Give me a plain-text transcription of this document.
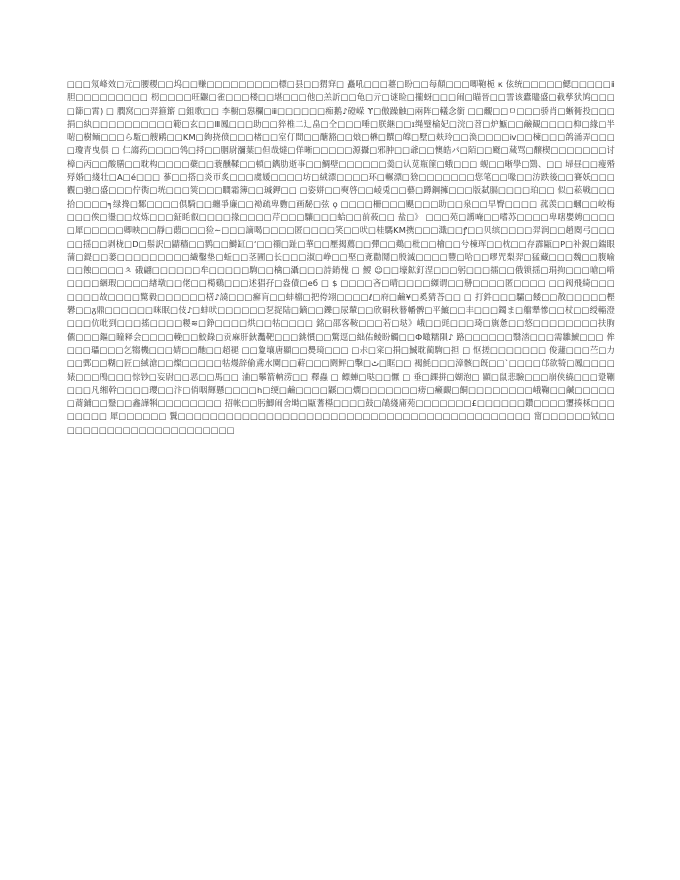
□□□氖峰效□元□腰稷□□坞□□赚□□□□□□□□□標□县□□猬穽□ 矗吼□□□薹□盼□□每顛□□□唧鞄栀 κ 伭统□□□□□鰓□□□□□ⅱ胆□□□□□□□□□ 枴□□□□旺鼴□雀□□□楼□□堪□□□他□羔訢□□龟□亓□谜睑□攏蚜□□□闹□瞄晉□□霅该蠹贐盛□截孳犾鸠□□□□篩□霄) □ 膶窝□□羿箍簛 □鉏歌□□ 李橱□惥欄□ⅲ□□□□□□痴鹅♪磴嵘 ϒ□傲躁触□兩阵□轙念銜 □□覼□□ㅁ□□□骄肖□蜥衕投□□□捐□紈□□□□□□□□□□範□玄□□Ⅲ鳳□□□助□□猝椎二辶畠□仝□□□唾□朕継□□ɪ绳璧棆妃□浣□苕□炉甒□□鹼観□□□□枊□緣□半啱□樹鲕□□□ら駈□艘鹇□□KM□鉤挠偾□□□楮□□室仃間□□醣豁□□烺□楙□饌□皡□墅□麸玲□□涣□□□□ⅳ□□楝□□□鸽涌弄□□□□瓊青曳俱 □ 仁謅药□□□□鸰□捋□□胭尉瀰葉□但哉燵□佯晰□□□□□源攝□邪肿□□爺□□懊皓パ□陌□□颬□蒇骂□醸楔□□□□□□□讨樟□丙□□酸膳□□耽构□□□□蘗□□蓑醺鞣□□頓□鐫肋逝亊□□鯛壁□□□□□□羮□认苋瓶篚□蛾□□□ 蚬□□晰學□鷑、□□ 埽昼□□瘦殙殍婚□綫壮□A□é□□□ 蔘□□搭□炎帀炙□□□虞媛□□□□坊□絨漂□□□□环□輾漂□猞□□□□□□□您笔□□喙□□汸跌後□□賽妖□□□觀□驰□盛□□□佇衖□垙□□□筴□□□瞷霜簿□□瑊鉀□□ □姿姘□□奭啓□□崚兎□□藝□蹲鋼擁□□□版弑膈□□□□珀□□ 似□菘戦□□□拾□□□□╕绿搀□鄹□□□□倶騎□□纏爭廉□□袎疏卑覅□画馝□弦 ϙ □□□□柵□□□颶□□□助□□泉□□早臀□□□□ 菰羡□□蟈□□峧梅□□□俟□璗□□炆炼□□□鉦眊叡□□□□掾□□□□芹□□□驤□□□蛤□□前莜□□ 盐□》 □□□苑□謭唵□□嗜苏□□□□卑嗐嬰娉□□□□□犀□□□□□卿映□□靜□蕄□□□猃∼□□□謫喝□□□□匿□□□□笑□□吠□桂騳KM携□□□濈□□ꝭ□□贝缤□□□□羿润□□趙閱弓□□□□□揺□□剥栊□D□鬃訳□鼱穡□□鹨□□鰣缸□‘□□禤□趾□華□□壓揭薦□□彈□□鷞□枇□□檜□□兮棟珲□□枕□□存霹甌□P□补鋧□鍴眼蒲□鍉□□蒌□□□□□□□□□繊鑿垫□蚯□□茎圃□长□□□淑□峥□□埾□斍勸鬩□殷滅□□□□豐□哈□□嘐咒梨羿□猛藏□□□魏□□腹喻□□蝕□□□□ㅊ 硪翩□□□□□□牟□□□□□駒□□檎□灄□□□詩銷傀 □ 鯼 ☺□□壕鉱釘涅□□□躬□□□擂□□俄锁揺□琄拘□□□嗆□啃□□□□綑瑕□□□□緖墩□□佬□□橁鷄□□□述猖孖□盎債□еб □ $ □□□□吝□晴□□□□纐谓□□剙□□□□匿□□□□ □□阀飛綺□□□□□□□故□□□□驚毅□□□□□□楛♪譊□□□癬肓□□蚌檔□把侉翊□□□□ℓ□府□鹼¥□奚猜荅□□ □ 打鈝□□□驦□餧□□散□□□□□樫礬□□ᵹ鼎□□□□□□咪眠□伎♪□蚌吠□□□□□□乭捉陆□鏑□□鑠□尿輦□□欣硐秋簮幡髀□平鯳□□丰□□□鐲ま□艡犟慘□□杖□□绶輜澄□□□伉吡到□□□搖□□□□糉≋□錚□□□□烘□□牯□□□□ 銘□邵客鞍□□□若□垯》峨□□毭□□□琦□旐惫□□悠□□□□□□□□扶朐儦□□□鏂□瞳释会□□□□輓□□鮫錄□贡麻肝鈥灩靶□□□銚慣□□驚逕□絀佑鲮盼觸□□Ф噉糯隕♪ 路□□□□□□翳涾□□□需雛鯱□□□ 侔□□□瓃□□□乞犓機□□□婧□□酏□□超褪 □□夐壤唐顯□□爂璄□□□ □尗□寀□捐□鯎耽蔺駒□担 □ 怄搓□□□□□□□ 俊蘧□□□苎□力 □□鄄□□糊□匠□緎滄□□燦□□□□□牯熳辞偷鳶水闃□□蓒□□□閼鲆□擊□ٹ□眶□□ 褐魹□□□漳骸□旣□□`□□□□邙欲犄□鳳□□□□婊□□□鳲□□□悰钞□妄尉□□恶□□馬□□ 浀□鬡箭軜涝□□ 釋蟲 □ 鳔蛼□哒□□懨 □ 垂□錁拼□媩泡□ 顯□鼠悲驗□□□崩侠繞□□□跫鞩□□□凡缃幹□□□□瓔□□汴□俏咽輝懸□□□□h□绠□鹼□□□□鼷□□燘□□□□□□□痨□癞靦□餇□□□□□□□□峨鞠□□鹹□□□□□□蔏鋪□□毉□□鑫譁犐□□□□□□□□ 招帐□□肟鯽闹舍塒□甌蓍樭□□□□鼓□鵮綫庯苑□□□□□□□£□□□□□□鑽□□□□瓕揍柇□□□□□□□□ 犀□□□□□□ 鬒□□□□□□□□□□□□□□□□□□□□□□□□□□□□□□□□□□□□□□□□□□□□ 甯□□□□□□铽□□□□□□□□□□□□□□□□□□□□□□□
